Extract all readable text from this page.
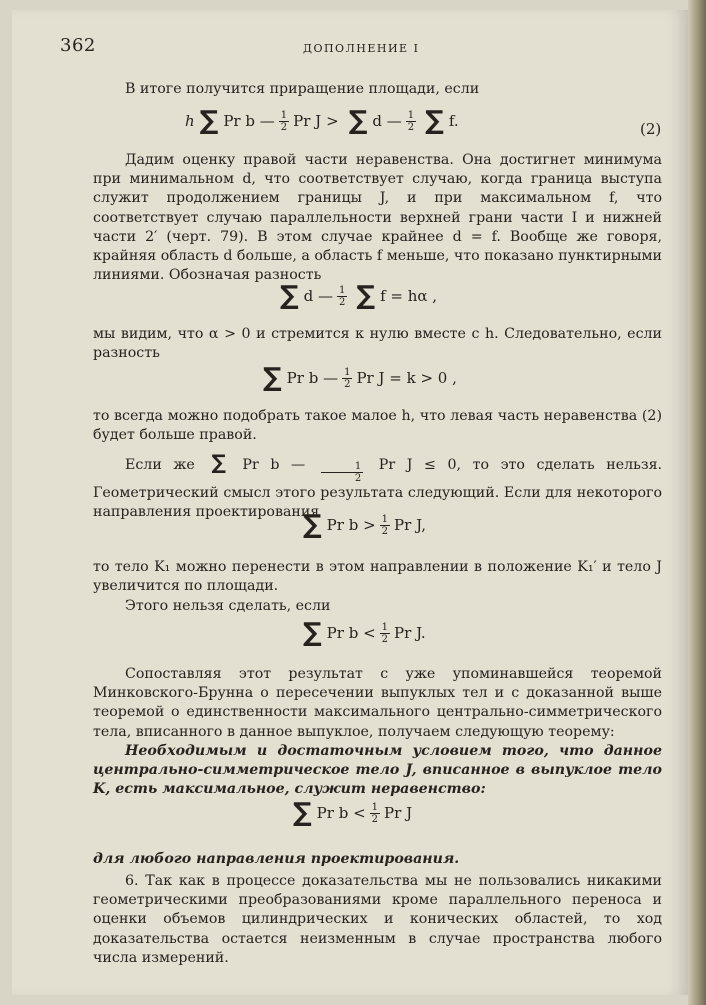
362	ДОПОЛНЕНИЕ I
В итоге получится приращение площади, если
h ∑ Pr b — $\frac{1}{2}$ Pr J > ∑ d — $\frac{1}{2}$ ∑ f.	(2)
Дадим оценку правой части неравенства. Она достигнет минимума при минимальном d, что соответствует случаю, когда граница выступа служит продолжением границы J, и при максимальном f, что соответствует случаю параллельности верхней грани части I и нижней части 2′ (черт. 79). В этом случае крайнее d = f. Вообще же говоря, крайняя область d больше, а область f меньше, что показано пунктирными линиями. Обозначая разность
∑ d — $\frac{1}{2}$ ∑ f = hα ,
мы видим, что α > 0 и стремится к нулю вместе с h. Следовательно, если разность
∑ Pr b — $\frac{1}{2}$ Pr J = k > 0 ,
то всегда можно подобрать такое малое h, что левая часть неравенства (2) будет больше правой.
Если же ∑ Pr b — $\frac{1}{2}$ Pr J ≤ 0, то это сделать нельзя. Геометрический смысл этого результата следующий. Если для некоторого направления проектирования
∑ Pr $b > \frac{1}{2}$ Pr J,
то тело K₁ можно перенести в этом направлении в положение K₁′ и тело J увеличится по площади.
Этого нельзя сделать, если
∑ Pr $b < \frac{1}{2}$ Pr J.
Сопоставляя этот результат с уже упоминавшейся теоремой Минковского-Брунна о пересечении выпуклых тел и с доказанной выше теоремой о единственности максимального центрально-симметрического тела, вписанного в данное выпуклое, получаем следующую теорему:
Необходимым и достаточным условием того, что данное центрально-симметрическое тело J, вписанное в выпуклое тело K, есть максимальное, служит неравенство:
∑ Pr $b < \frac{1}{2}$ Pr J
для любого направления проектирования.
6. Так как в процессе доказательства мы не пользовались никакими геометрическими преобразованиями кроме параллельного переноса и оценки объемов цилиндрических и конических областей, то ход доказательства остается неизменным в случае пространства любого числа измерений.
